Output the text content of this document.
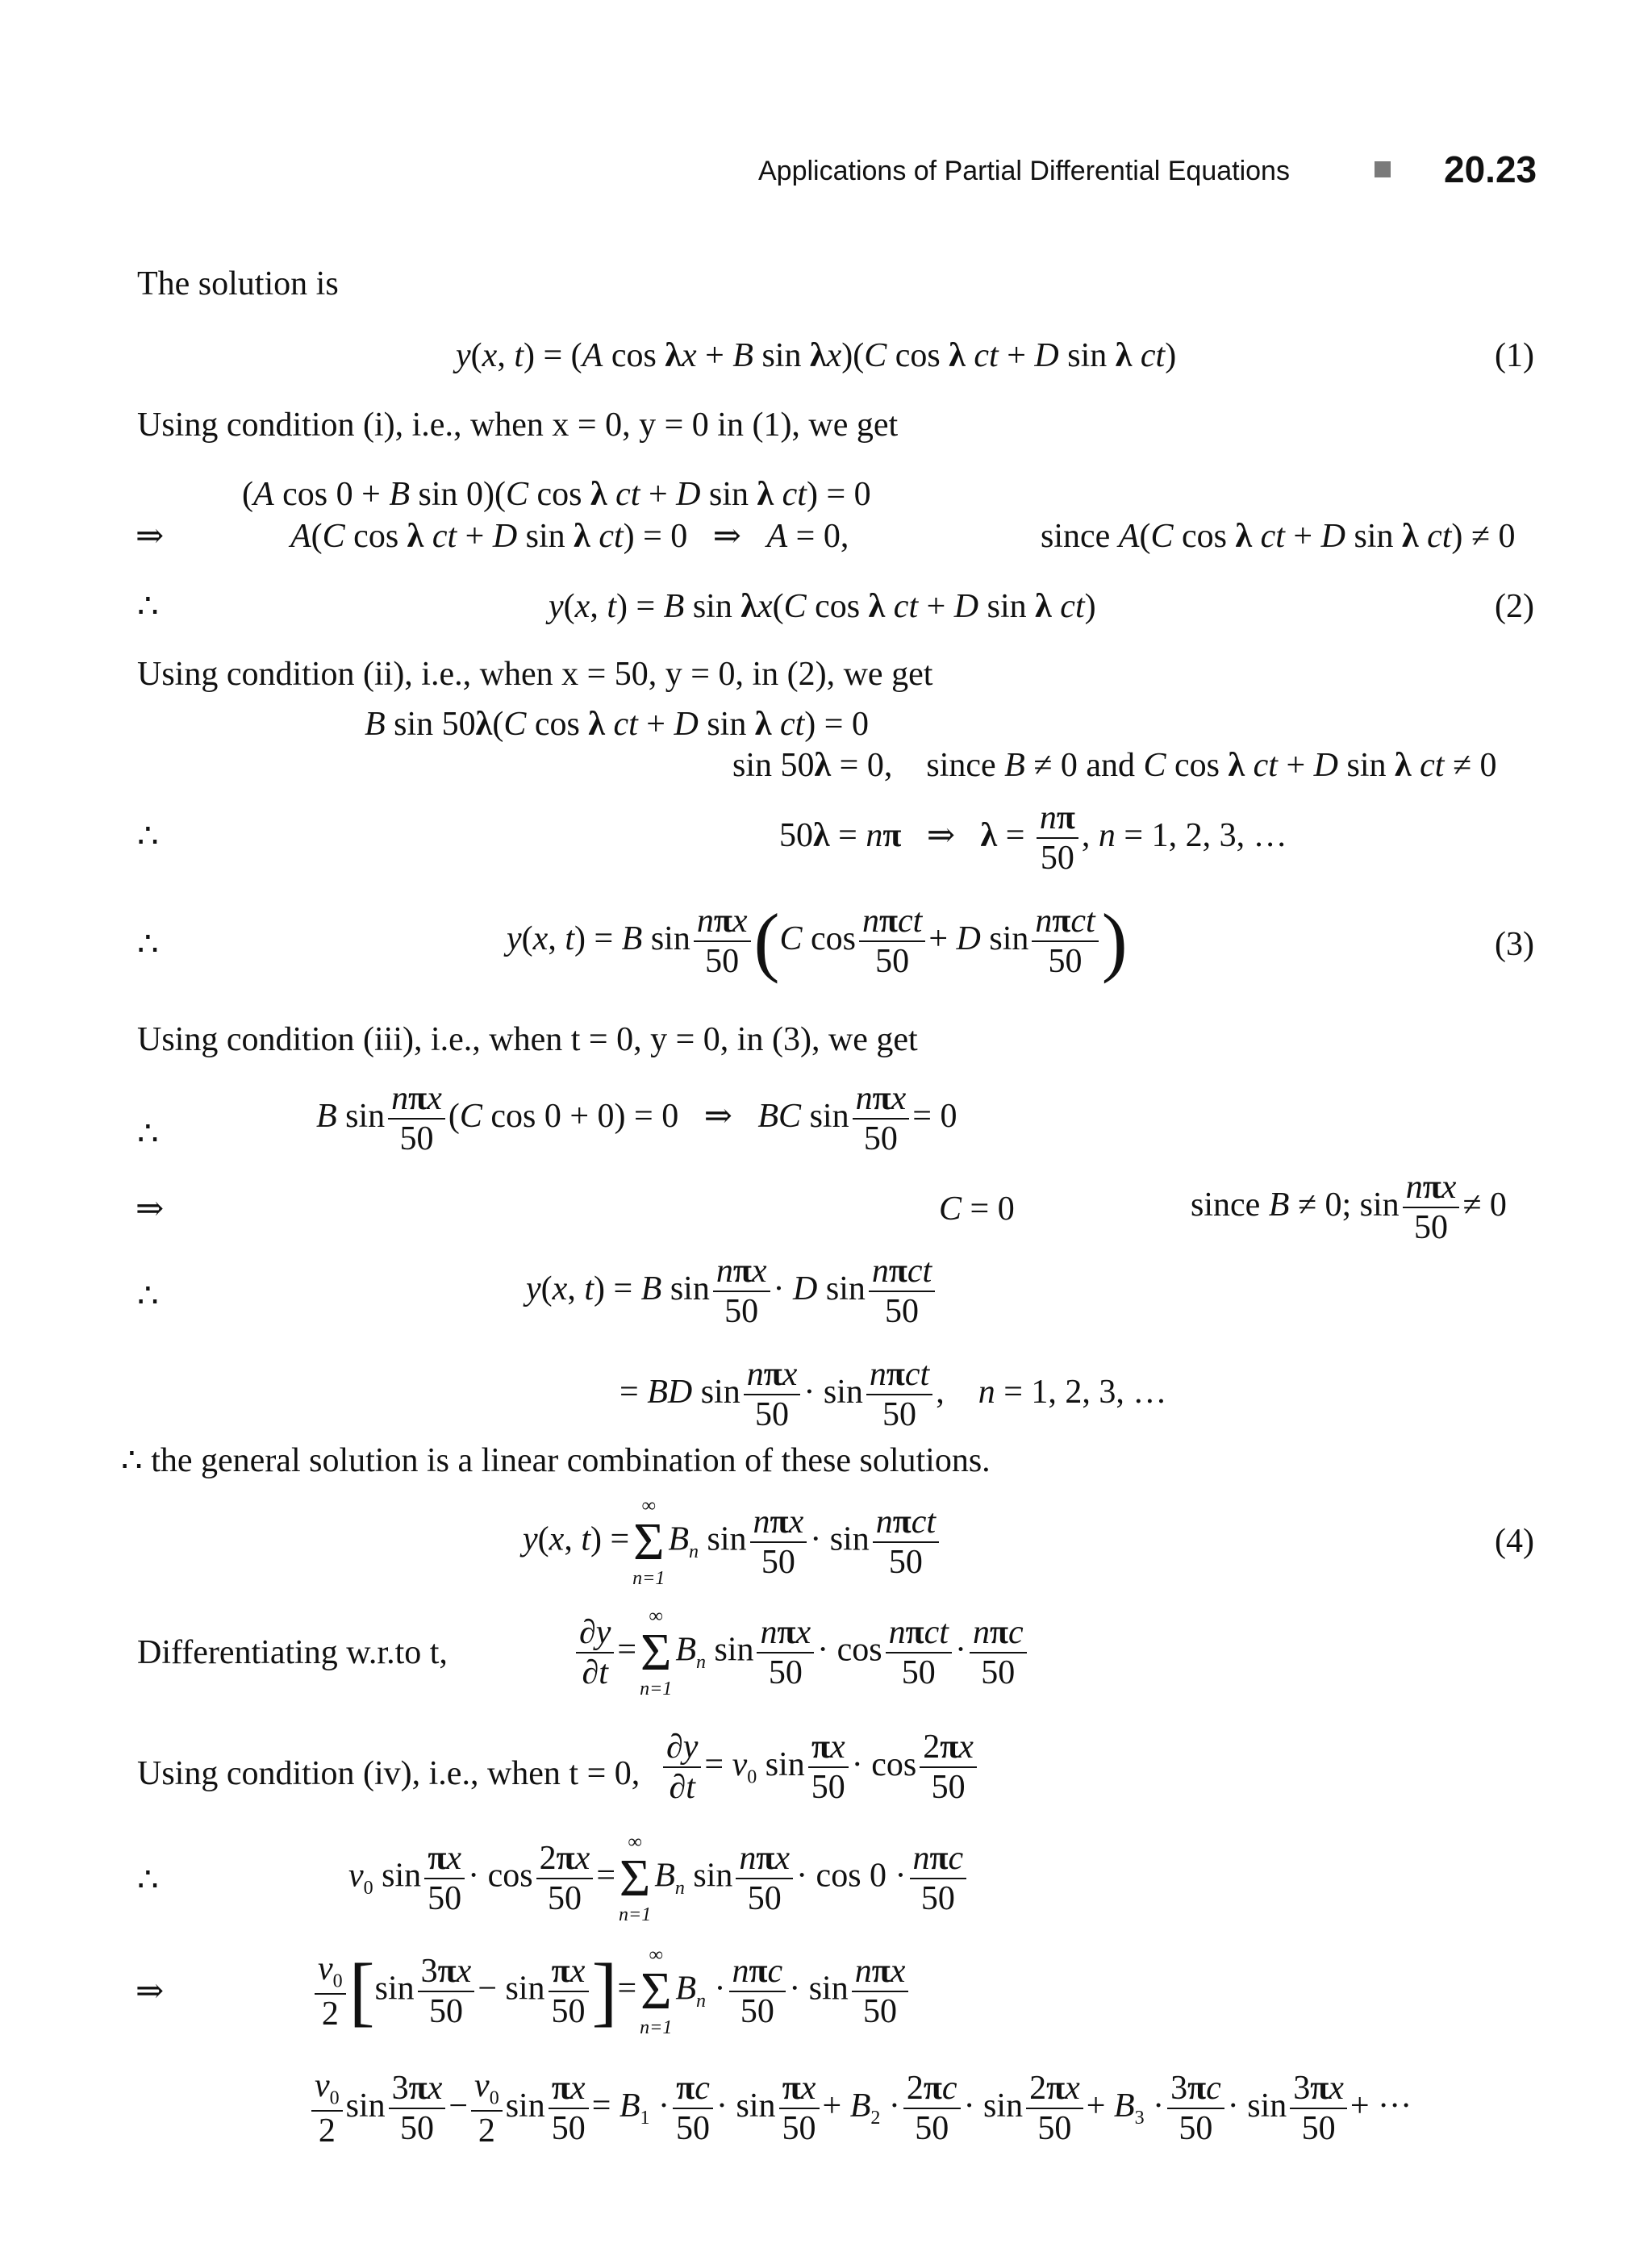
Applications of Partial Differential Equations	20.23
The solution is
y(x, t) = (A cos λx + B sin λx)(C cos λ ct + D sin λ ct)	(1)
Using condition (i), i.e., when x = 0, y = 0 in (1), we get
(A cos 0 + B sin 0)(C cos λ ct + D sin λ ct) = 0
⇒	A(C cos λ ct + D sin λ ct) = 0   ⇒   A = 0,	since A(C cos λ ct + D sin λ ct) ≠ 0
∴	y(x, t) = B sin λx(C cos λ ct + D sin λ ct)	(2)
Using condition (ii), i.e., when x = 50, y = 0, in (2), we get
B sin 50λ(C cos λ ct + D sin λ ct) = 0
sin 50λ = 0,    since B ≠ 0 and C cos λ ct + D sin λ ct ≠ 0
∴	50λ = nπ   ⇒   $\lambda = \frac{n\pi}{50}$ , n = 1, 2, 3, …
∴	y(x, t) = B $\sin \frac{\text{nπx}}{50} (C$ $\cos \frac{\text{nπct}}{50} + D$ $\sin \frac{\text{nπct}}{50}$ )	(3)
Using condition (iii), i.e., when t = 0, y = 0, in (3), we get
∴	B $\sin \frac{\text{nπx}}{50} (C$ cos 0 + 0) = 0   ⇒   BC $\sin \frac{\text{nπx}}{50} = 0$
⇒	C = 0	since B ≠ 0; $\sin \frac{\text{nπx}}{50} \ne 0$
∴	y(x, t) = B $\sin \frac{\text{nπx}}{50} \cdot D$ $\sin \frac{\text{nπct}}{50}$
= BD $\sin \frac{\text{nπx}}{50} \cdot \sin \frac{\text{nπct}}{50}$ ,    n = 1, 2, 3, …
∴ the general solution is a linear combination of these solutions.
y(x, t) =
∞
Σ
n=1
$B_n$ $\sin \frac{\text{nπx}}{50} \cdot \sin \frac{\text{nπct}}{50}$	(4)
Differentiating w.r.to t,	$\frac{\partial y}{\partial t}$ =
∞
Σ
n=1
$B_n$ $\sin \frac{\text{nπx}}{50} \cdot \cos \frac{\text{nπct}}{50} \cdot \frac{\text{nπc}}{50}$
Using condition (iv), i.e., when t = 0, $\frac{\partial y}{\partial t} = v_0$ $\sin \frac{\pi x}{50} \cdot \cos \frac{2\pi x}{50}$
∴	$v_0$ $\sin \frac{\pi x}{50} \cdot \cos \frac{2\pi x}{50}$ =
∞
Σ
n=1
$B_n$ $\sin \frac{\text{nπx}}{50} \cdot \cos 0 \cdot \frac{\text{nπc}}{50}$
⇒	$\frac{v_0}{2} [\sin \frac{3\pi x}{50} - \sin \frac{\pi x}{50}$ ]=
∞
Σ
n=1
$B_n \cdot \frac{\text{nπc}}{50} \cdot \sin \frac{\text{nπx}}{50}$
$\frac{v_0}{2}$ $\sin \frac{3\pi x}{50} - \frac{v_0}{2}$ $\sin \frac{\pi x}{50} = B_1 \cdot \frac{\pi c}{50} \cdot \sin \frac{\pi x}{50} + B_2 \cdot \frac{2\pi c}{50} \cdot \sin \frac{2\pi x}{50} + B_3 \cdot \frac{3\pi c}{50} \cdot \sin \frac{3\pi x}{50}$ + ···
